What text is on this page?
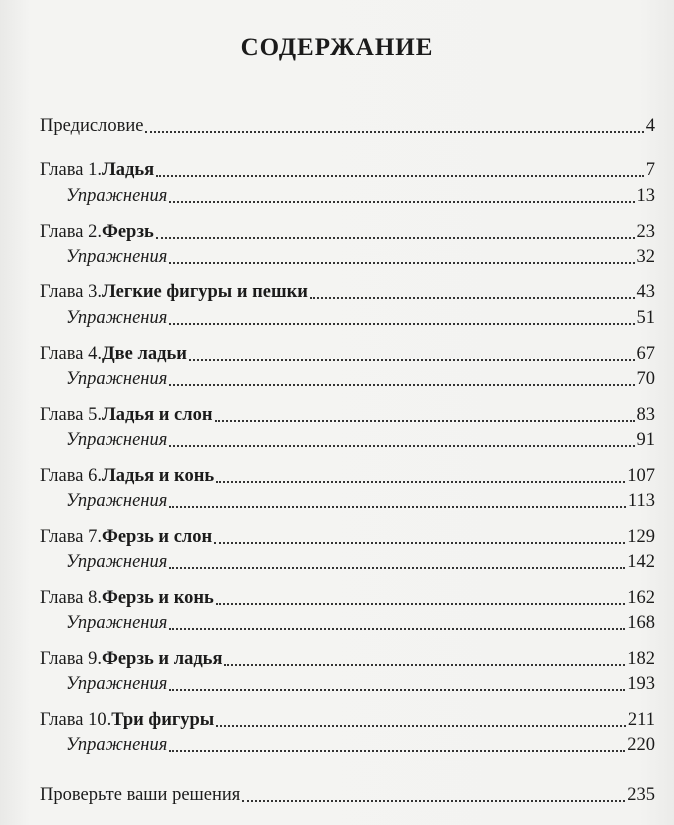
СОДЕРЖАНИЕ
Предисловие	4
Глава 1. Ладья	7
Упражнения	13
Глава 2. Ферзь	23
Упражнения	32
Глава 3. Легкие фигуры и пешки	43
Упражнения	51
Глава 4. Две ладьи	67
Упражнения	70
Глава 5. Ладья и слон	83
Упражнения	91
Глава 6. Ладья и конь	107
Упражнения	113
Глава 7. Ферзь и слон	129
Упражнения	142
Глава 8. Ферзь и конь	162
Упражнения	168
Глава 9. Ферзь и ладья	182
Упражнения	193
Глава 10. Три фигуры	211
Упражнения	220
Проверьте ваши решения	235
